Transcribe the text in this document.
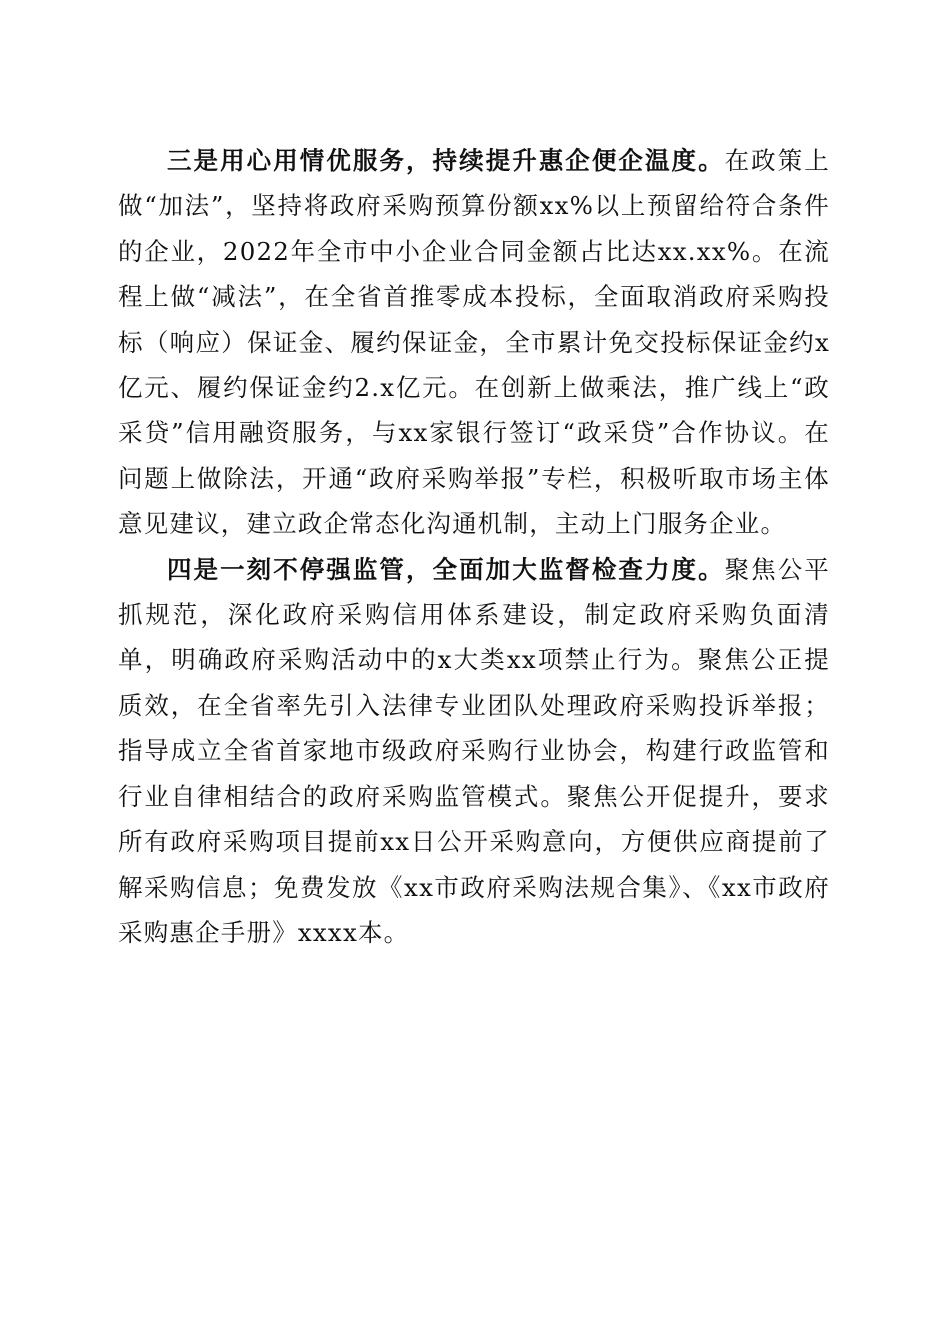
三是用心用情优服务，持续提升惠企便企温度。在政策上做“加法”，坚持将政府采购预算份额xx%以上预留给符合条件的企业，2022年全市中小企业合同金额占比达xx.xx%。在流程上做“减法”，在全省首推零成本投标，全面取消政府采购投标（响应）保证金、履约保证金，全市累计免交投标保证金约x亿元、履约保证金约2.x亿元。在创新上做乘法，推广线上“政采贷”信用融资服务，与xx家银行签订“政采贷”合作协议。在问题上做除法，开通“政府采购举报”专栏，积极听取市场主体意见建议，建立政企常态化沟通机制，主动上门服务企业。

四是一刻不停强监管，全面加大监督检查力度。聚焦公平抓规范，深化政府采购信用体系建设，制定政府采购负面清单，明确政府采购活动中的x大类xx项禁止行为。聚焦公正提质效，在全省率先引入法律专业团队处理政府采购投诉举报；指导成立全省首家地市级政府采购行业协会，构建行政监管和行业自律相结合的政府采购监管模式。聚焦公开促提升，要求所有政府采购项目提前xx日公开采购意向，方便供应商提前了解采购信息；免费发放《xx市政府采购法规合集》、《xx市政府采购惠企手册》xxxx本。
